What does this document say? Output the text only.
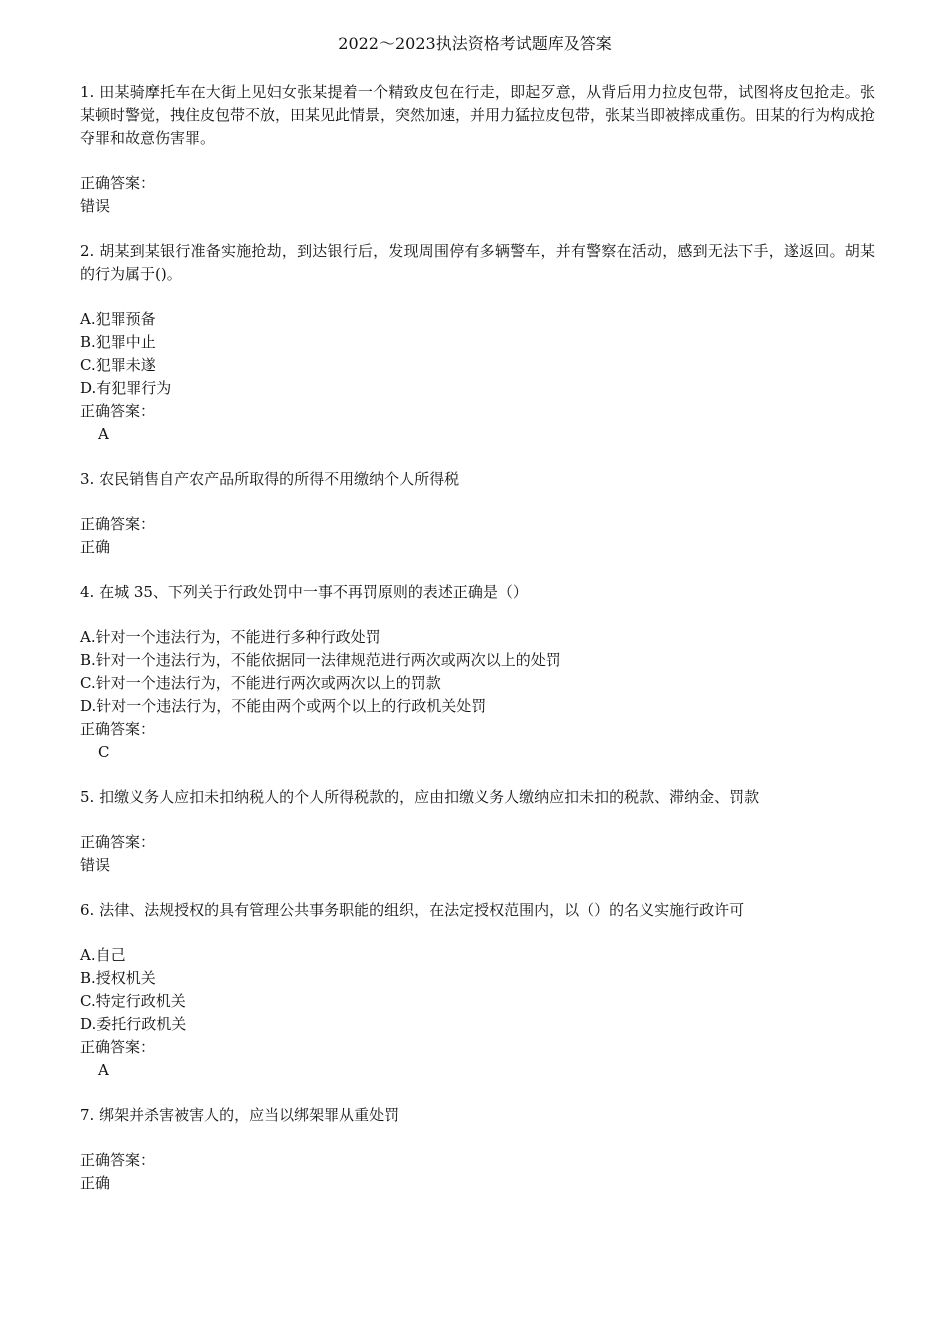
2022～2023执法资格考试题库及答案
1. 田某骑摩托车在大街上见妇女张某提着一个精致皮包在行走，即起歹意，从背后用力拉皮包带，试图将皮包抢走。张某顿时警觉，拽住皮包带不放，田某见此情景，突然加速，并用力猛拉皮包带，张某当即被摔成重伤。田某的行为构成抢夺罪和故意伤害罪。
正确答案：
错误
2. 胡某到某银行准备实施抢劫，到达银行后，发现周围停有多辆警车，并有警察在活动，感到无法下手，遂返回。胡某的行为属于()。
A.犯罪预备
B.犯罪中止
C.犯罪未遂
D.有犯罪行为
正确答案：
A
3. 农民销售自产农产品所取得的所得不用缴纳个人所得税
正确答案：
正确
4. 在城 35、下列关于行政处罚中一事不再罚原则的表述正确是（）
A.针对一个违法行为，不能进行多种行政处罚
B.针对一个违法行为，不能依据同一法律规范进行两次或两次以上的处罚
C.针对一个违法行为，不能进行两次或两次以上的罚款
D.针对一个违法行为，不能由两个或两个以上的行政机关处罚
正确答案：
C
5. 扣缴义务人应扣未扣纳税人的个人所得税款的，应由扣缴义务人缴纳应扣未扣的税款、滞纳金、罚款
正确答案：
错误
6. 法律、法规授权的具有管理公共事务职能的组织，在法定授权范围内，以（）的名义实施行政许可
A.自己
B.授权机关
C.特定行政机关
D.委托行政机关
正确答案：
A
7. 绑架并杀害被害人的，应当以绑架罪从重处罚
正确答案：
正确
